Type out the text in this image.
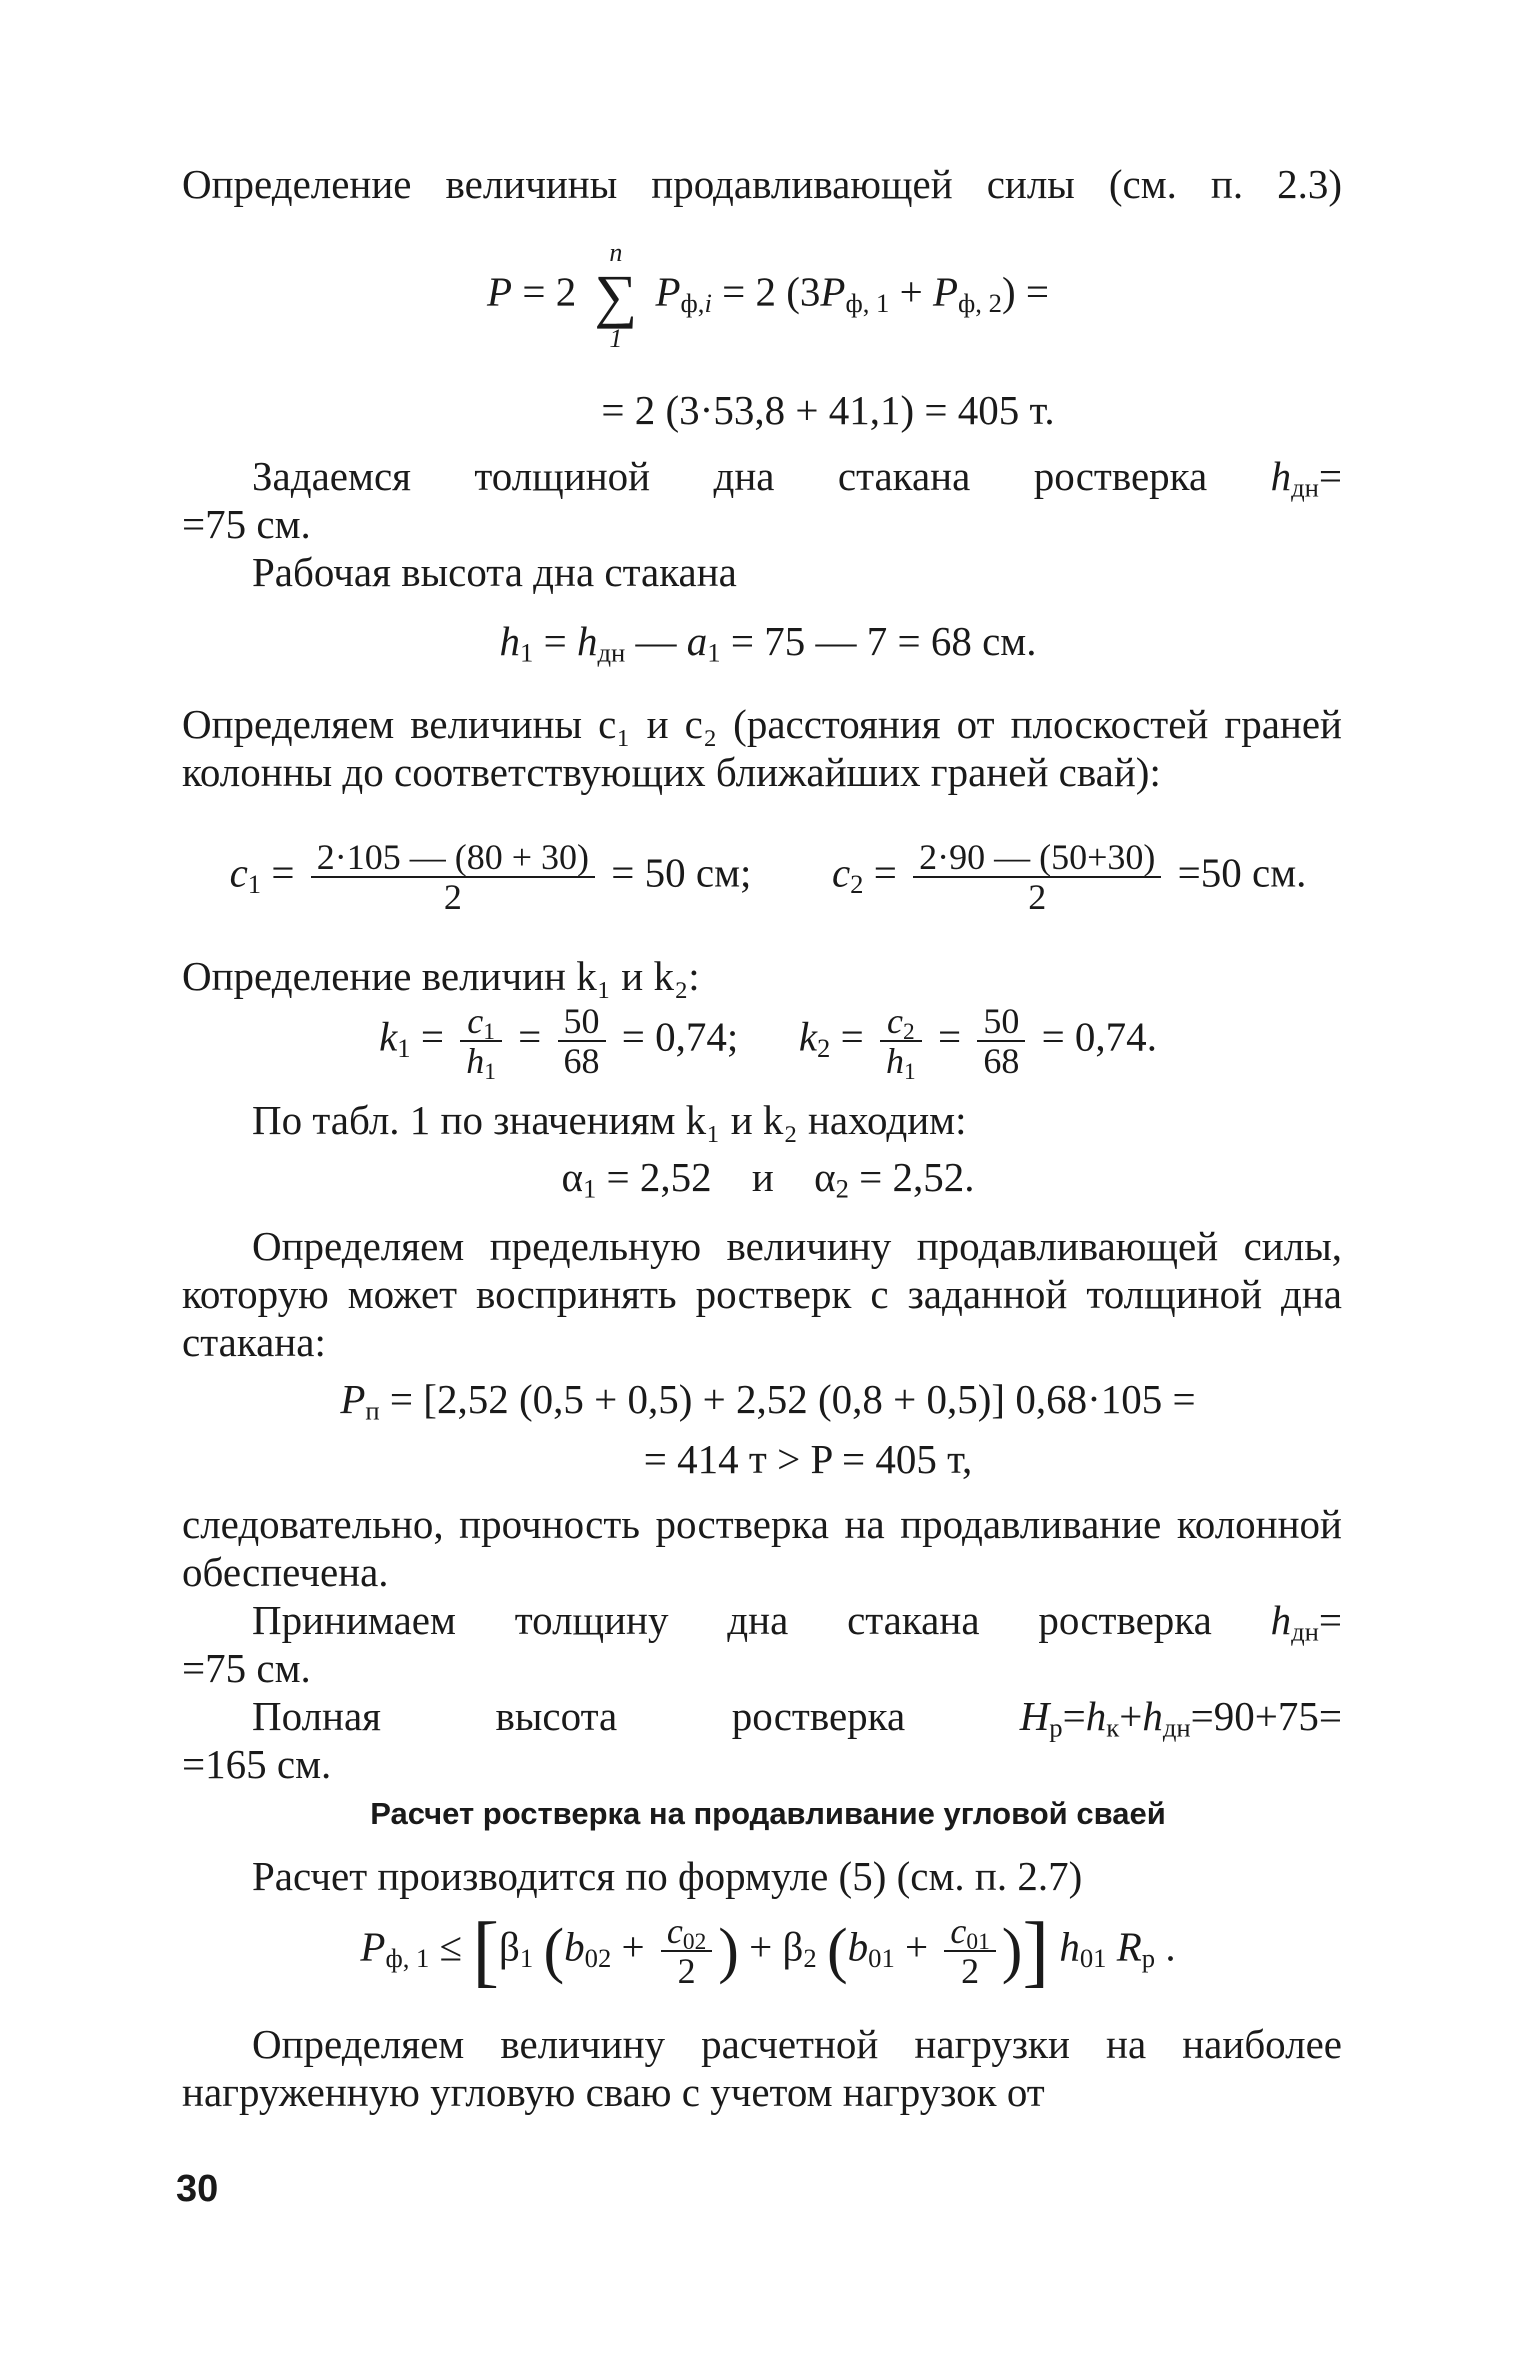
Определение величины продавливающей силы (см. п. 2.3)
P = 2
n
∑
1
$P_{ф,i} = 2$ $(3P_{ф, 1} + P_{ф, 2})$ =
= 2 (3·53,8 + 41,1) = 405 т.
Задаемся толщиной дна стакана ростверка $h_{дн}=$
=75 см.
Рабочая высота дна стакана
$h_1 = h_{дн}$ — $a_1 = 75$ — 7 = 68 см.
Определяем величины c₁ и c₂ (расстояния от плоскостей граней колонны до соответствующих ближайших граней свай):
$c_1 = \frac{2\cdot 105 — (80 + 30)}{2} = 50$ см; $c_2 = \frac{2\cdot 90 — (50+30)}{2} =50$ см.
Определение величин k₁ и k₂:
$k_1 = \frac{c_1}{h_1} = \frac{50}{68} = 0,74$;  $k_2 = \frac{c_2}{h_1} = \frac{50}{68} = 0,74$.
По табл. 1 по значениям k₁ и k₂ находим:
$\alpha_1 = 2,52$ и $\alpha_2 = 2,52$.
Определяем предельную величину продавливающей силы, которую может воспринять ростверк с заданной толщиной дна стакана:
$P_п = [2,52$ (0,5 + 0,5) + 2,52 (0,8 + 0,5)] 0,68·105 =
= 414 т > P = 405 т,
следовательно, прочность ростверка на продавливание колонной обеспечена.
Принимаем толщину дна стакана ростверка $h_{дн}=$
=75 см.
Полная высота ростверка	$H_р=h_к+h_{дн}=90+75=$
=165 см.
Расчет ростверка на продавливание угловой сваей
Расчет производится по формуле (5) (см. п. 2.7)
$P_{ф, 1} \le [\beta_1$ ($b_{02} + \frac{c_{02}}{2}$ ) + $\beta_2$ ($b_{01} + \frac{c_{01}}{2}$ )] $h_{01}$ $R_р$ .
Определяем величину расчетной нагрузки на наиболее нагруженную угловую сваю с учетом нагрузок от
30
